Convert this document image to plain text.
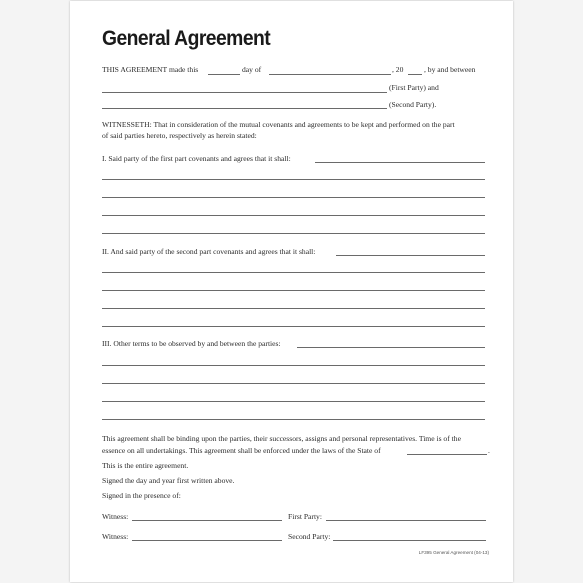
General Agreement
THIS AGREEMENT made this	day of	, 20	, by and between
(First Party) and
(Second Party).
WITNESSETH: That in consideration of the mutual covenants and agreements to be kept and performed on the part
of said parties hereto, respectively as herein stated:
I. Said party of the first part covenants and agrees that it shall:
II. And said party of the second part covenants and agrees that it shall:
III. Other terms to be observed by and between the parties:
This agreement shall be binding upon the parties, their successors, assigns and personal representatives. Time is of the
essence on all undertakings. This agreement shall be enforced under the laws of the State of	.
This is the entire agreement.
Signed the day and year first written above.
Signed in the presence of:
Witness:	First Party:
Witness:	Second Party:
LF395 General Agreement (04-13)
